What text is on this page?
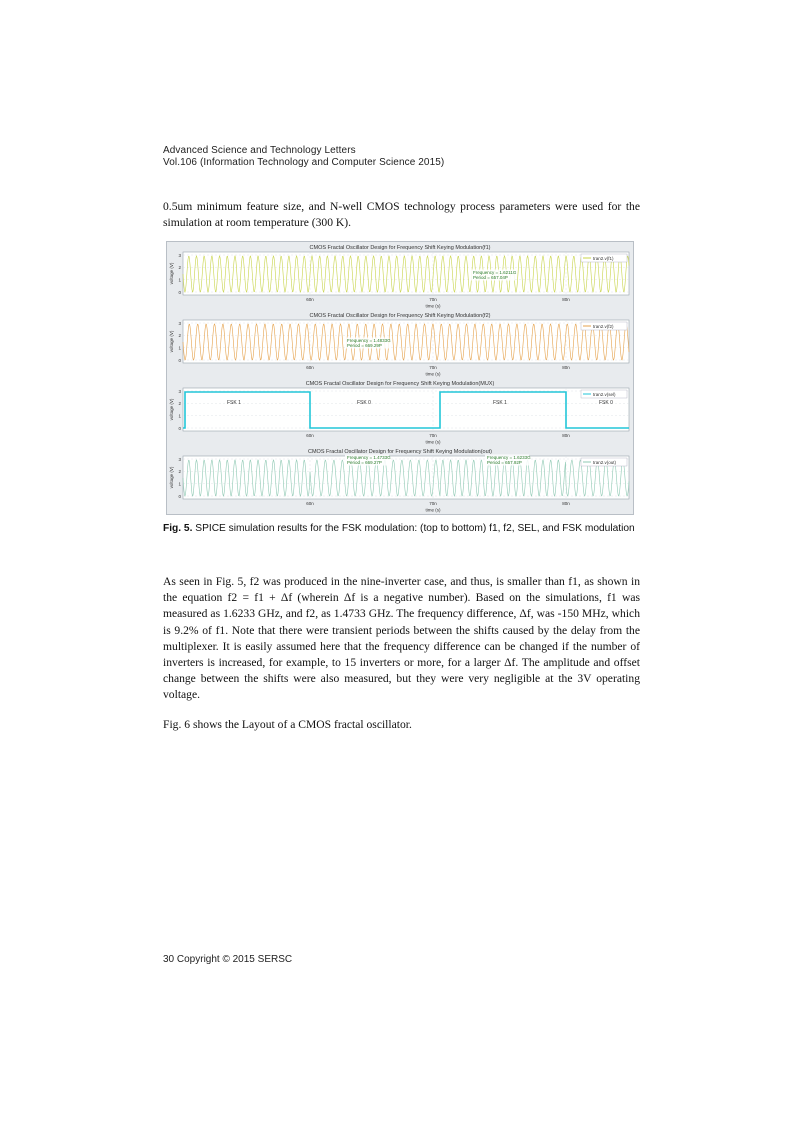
Advanced Science and Technology Letters
Vol.106 (Information Technology and Computer Science 2015)
0.5um minimum feature size, and N-well CMOS technology process parameters were used for the simulation at room temperature (300 K).
CMOS Fractal Oscillator Design for Frequency Shift Keying Modulation(f1)
0
1
2
3
tran2.v(f1)
Frequency = 1.6211G
Period = 657.04P
60n	70n	80n
time (s)
voltage (V)
CMOS Fractal Oscillator Design for Frequency Shift Keying Modulation(f2)
0
1
2
3
tran2.v(f2)
Frequency = 1.4833G
Period = 669.29P
60n	70n	80n
time (s)
voltage (V)
CMOS Fractal Oscillator Design for Frequency Shift Keying Modulation(MUX)
0
1
2
3
tran2.v(sel)
FSK 1	FSK 0	FSK 1	FSK 0
60n	70n	80n
time (s)
voltage (V)
CMOS Fractal Oscillator Design for Frequency Shift Keying Modulation(out)
0
1
2
3
tran2.v(out)
Frequency = 1.4733G
Period = 669.27P
Frequency = 1.6233G
Period = 657.92P
60n	70n	80n
time (s)
voltage (V)
Fig. 5. SPICE simulation results for the FSK modulation: (top to bottom) f1, f2, SEL, and FSK modulation
As seen in Fig. 5, f2 was produced in the nine-inverter case, and thus, is smaller than f1, as shown in the equation f2 = f1 + Δf (wherein Δf is a negative number). Based on the simulations, f1 was measured as 1.6233 GHz, and f2, as 1.4733 GHz. The frequency difference, Δf, was -150 MHz, which is 9.2% of f1. Note that there were transient periods between the shifts caused by the delay from the multiplexer. It is easily assumed here that the frequency difference can be changed if the number of inverters is increased, for example, to 15 inverters or more, for a larger Δf. The amplitude and offset change between the shifts were also measured, but they were very negligible at the 3V operating voltage.
Fig. 6 shows the Layout of a CMOS fractal oscillator.
30 Copyright © 2015 SERSC
